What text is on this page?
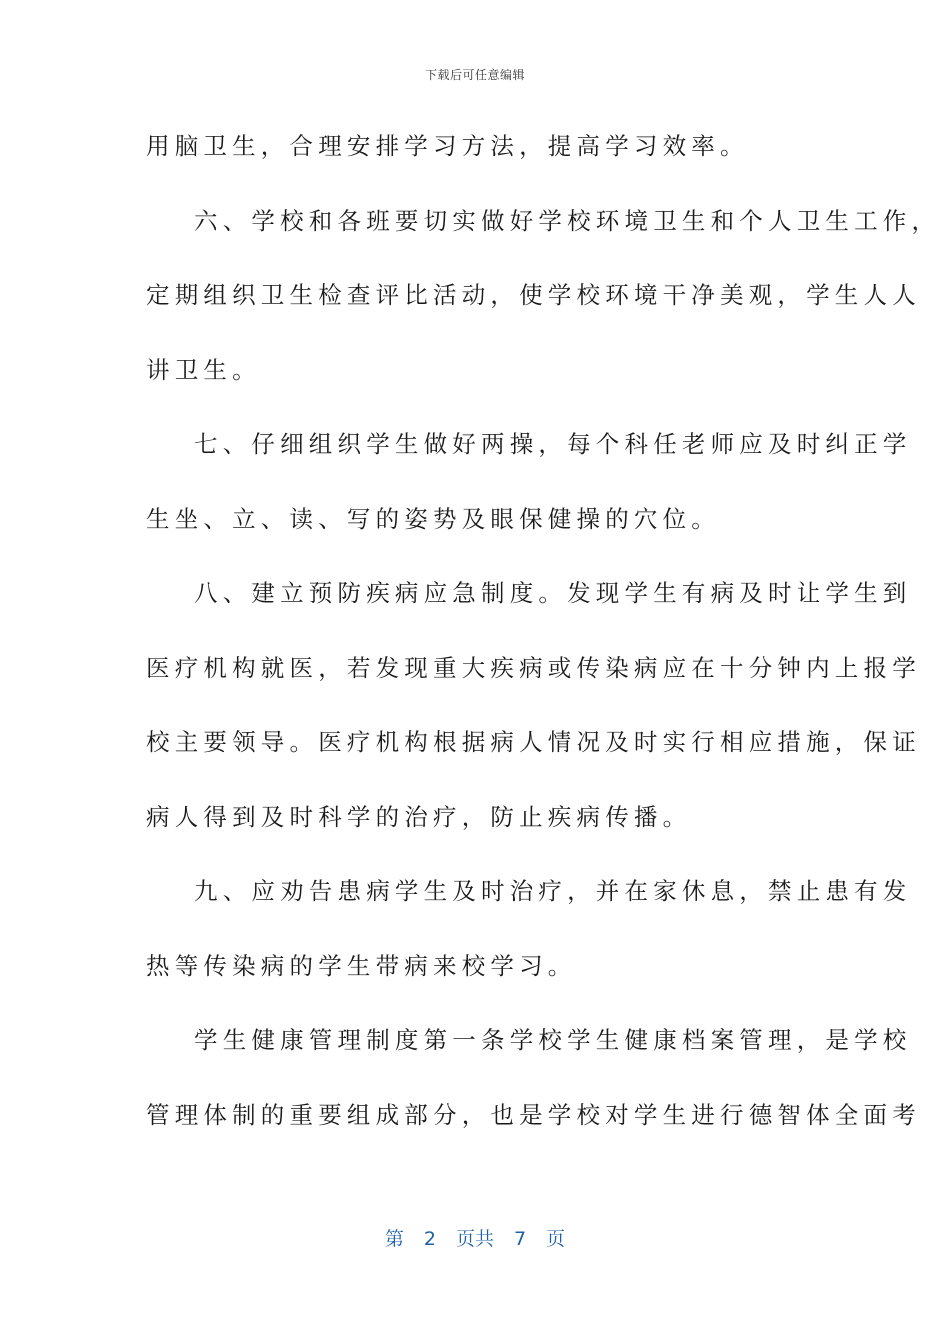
下载后可任意编辑
用脑卫生，合理安排学习方法，提高学习效率。
六、学校和各班要切实做好学校环境卫生和个人卫生工作，
定期组织卫生检查评比活动，使学校环境干净美观，学生人人
讲卫生。
七、仔细组织学生做好两操，每个科任老师应及时纠正学
生坐、立、读、写的姿势及眼保健操的穴位。
八、建立预防疾病应急制度。发现学生有病及时让学生到
医疗机构就医，若发现重大疾病或传染病应在十分钟内上报学
校主要领导。医疗机构根据病人情况及时实行相应措施，保证
病人得到及时科学的治疗，防止疾病传播。
九、应劝告患病学生及时治疗，并在家休息，禁止患有发
热等传染病的学生带病来校学习。
学生健康管理制度第一条学校学生健康档案管理，是学校
管理体制的重要组成部分，也是学校对学生进行德智体全面考
第 2 页共 7 页
